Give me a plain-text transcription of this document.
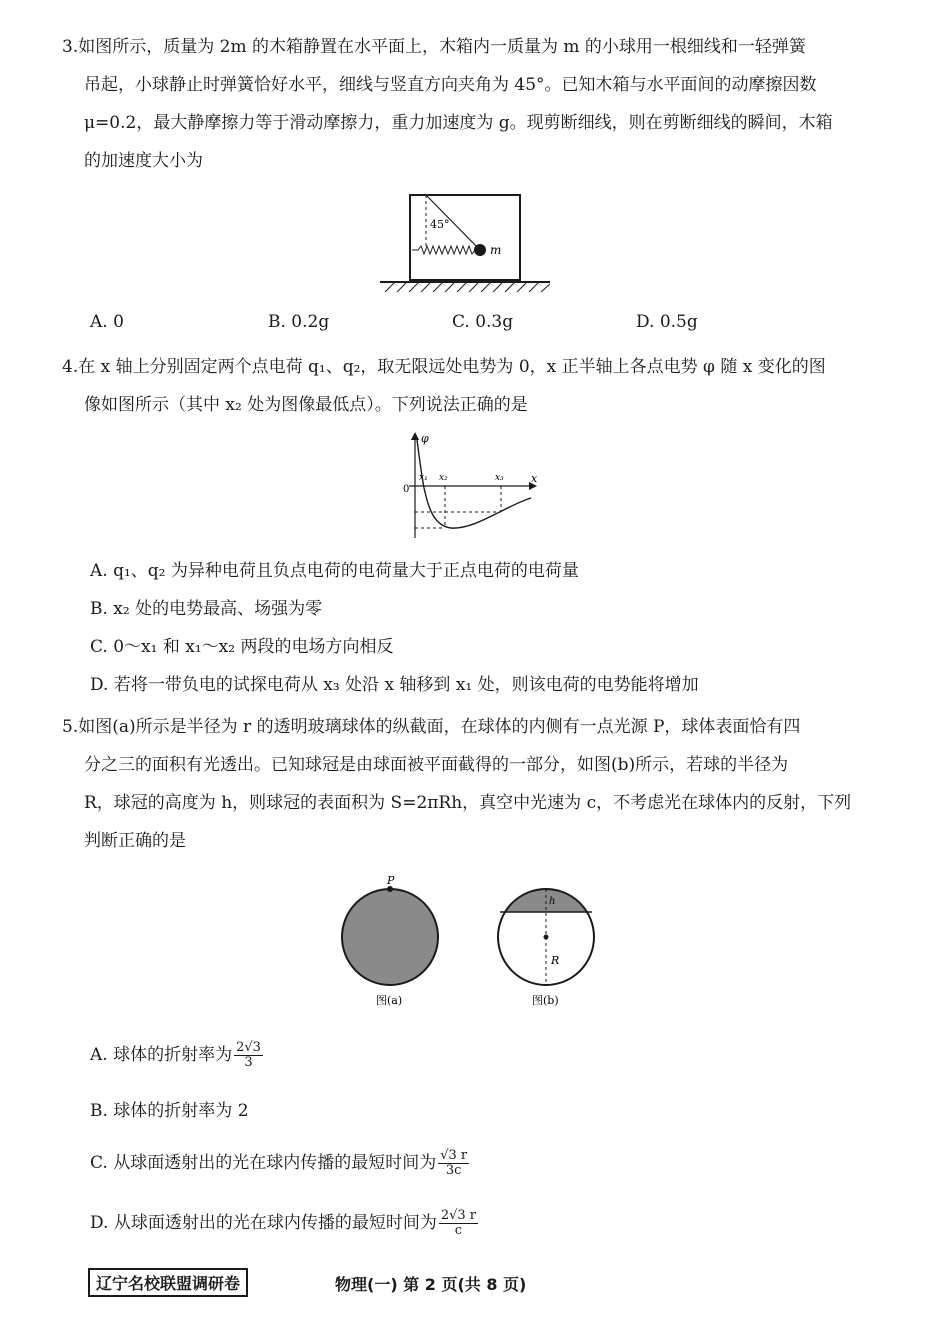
3.如图所示，质量为 2m 的木箱静置在水平面上，木箱内一质量为 m 的小球用一根细线和一轻弹簧
吊起，小球静止时弹簧恰好水平，细线与竖直方向夹角为 45°。已知木箱与水平面间的动摩擦因数
μ=0.2，最大静摩擦力等于滑动摩擦力，重力加速度为 g。现剪断细线，则在剪断细线的瞬间，木箱
的加速度大小为
45°
m
A. 0	B. 0.2g	C. 0.3g	D. 0.5g
4.在 x 轴上分别固定两个点电荷 q₁、q₂，取无限远处电势为 0，x 正半轴上各点电势 φ 随 x 变化的图
像如图所示（其中 x₂ 处为图像最低点）。下列说法正确的是
φ
x
0
x₁ x₂	x₃
A. q₁、q₂ 为异种电荷且负点电荷的电荷量大于正点电荷的电荷量
B. x₂ 处的电势最高、场强为零
C. 0～x₁ 和 x₁～x₂ 两段的电场方向相反
D. 若将一带负电的试探电荷从 x₃ 处沿 x 轴移到 x₁ 处，则该电荷的电势能将增加
5.如图(a)所示是半径为 r 的透明玻璃球体的纵截面，在球体的内侧有一点光源 P，球体表面恰有四
分之三的面积有光透出。已知球冠是由球面被平面截得的一部分，如图(b)所示，若球的半径为
R，球冠的高度为 h，则球冠的表面积为 S=2πRh，真空中光速为 c，不考虑光在球体内的反射，下列
判断正确的是
P
图(a)
h
R
图(b)
A. 球体的折射率为 $\frac{2√3}{3}$
B. 球体的折射率为 2
C. 从球面透射出的光在球内传播的最短时间为 $\frac{√3 r}{3c}$
D. 从球面透射出的光在球内传播的最短时间为 $\frac{2√3 r}{c}$
辽宁名校联盟调研卷	物理(一) 第 2 页(共 8 页)
